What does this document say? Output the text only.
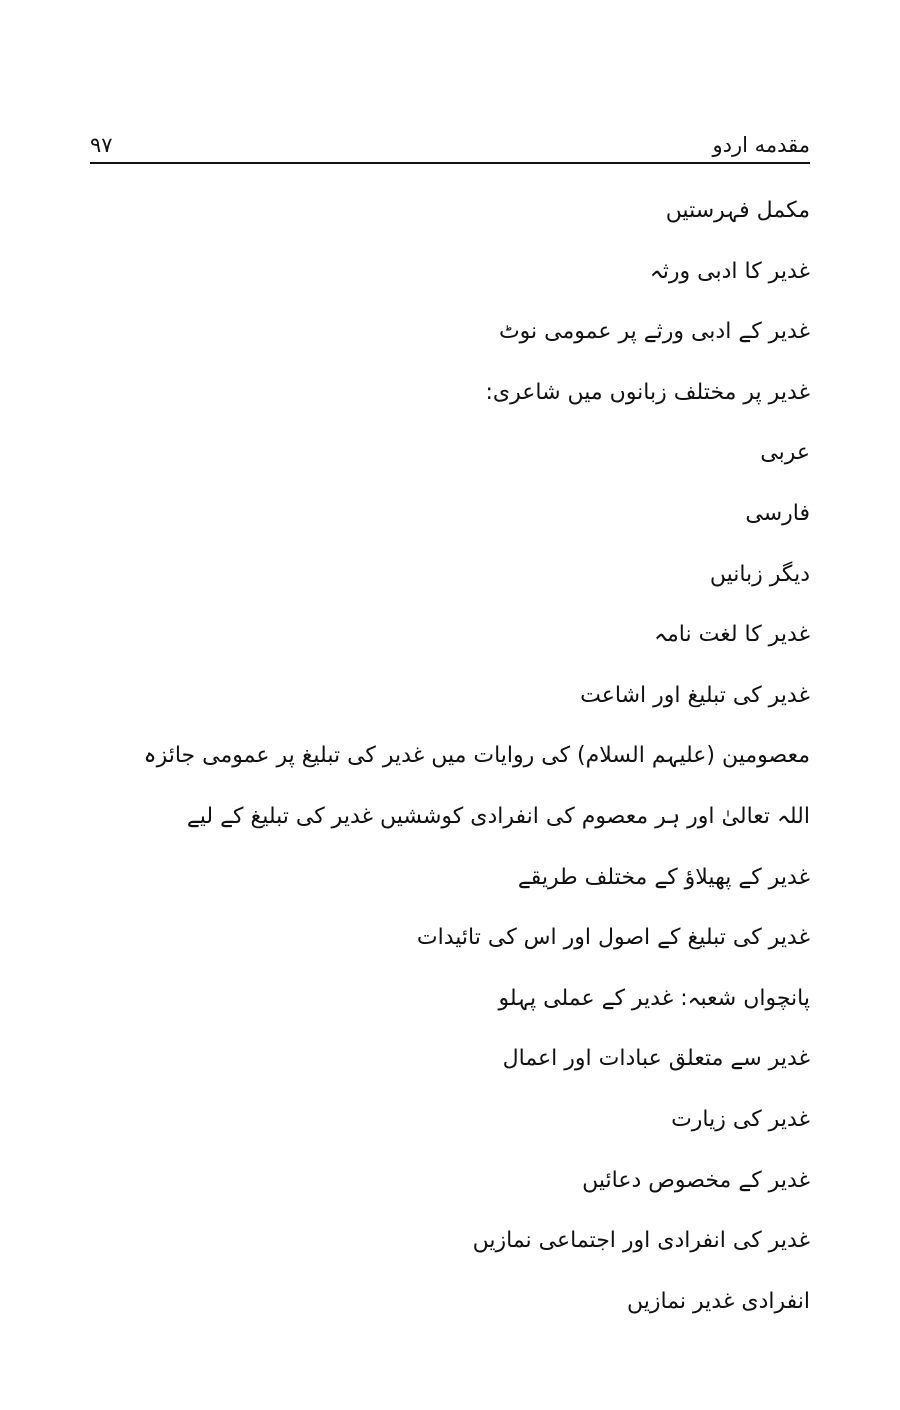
مقدمه اردو
۹۷
مکمل فہرستیں
غدیر کا ادبی ورثہ
غدیر کے ادبی ورثے پر عمومی نوٹ
غدیر پر مختلف زبانوں میں شاعری:
عربی
فارسی
دیگر زبانیں
غدیر کا لغت نامہ
غدیر کی تبلیغ اور اشاعت
معصومین (علیہم السلام) کی روایات میں غدیر کی تبلیغ پر عمومی جائزہ
اللہ تعالیٰ اور ہر معصوم کی انفرادی کوششیں غدیر کی تبلیغ کے لیے
غدیر کے پھیلاؤ کے مختلف طریقے
غدیر کی تبلیغ کے اصول اور اس کی تائیدات
پانچواں شعبہ: غدیر کے عملی پہلو
غدیر سے متعلق عبادات اور اعمال
غدیر کی زیارت
غدیر کے مخصوص دعائیں
غدیر کی انفرادی اور اجتماعی نمازیں
انفرادی غدیر نمازیں
